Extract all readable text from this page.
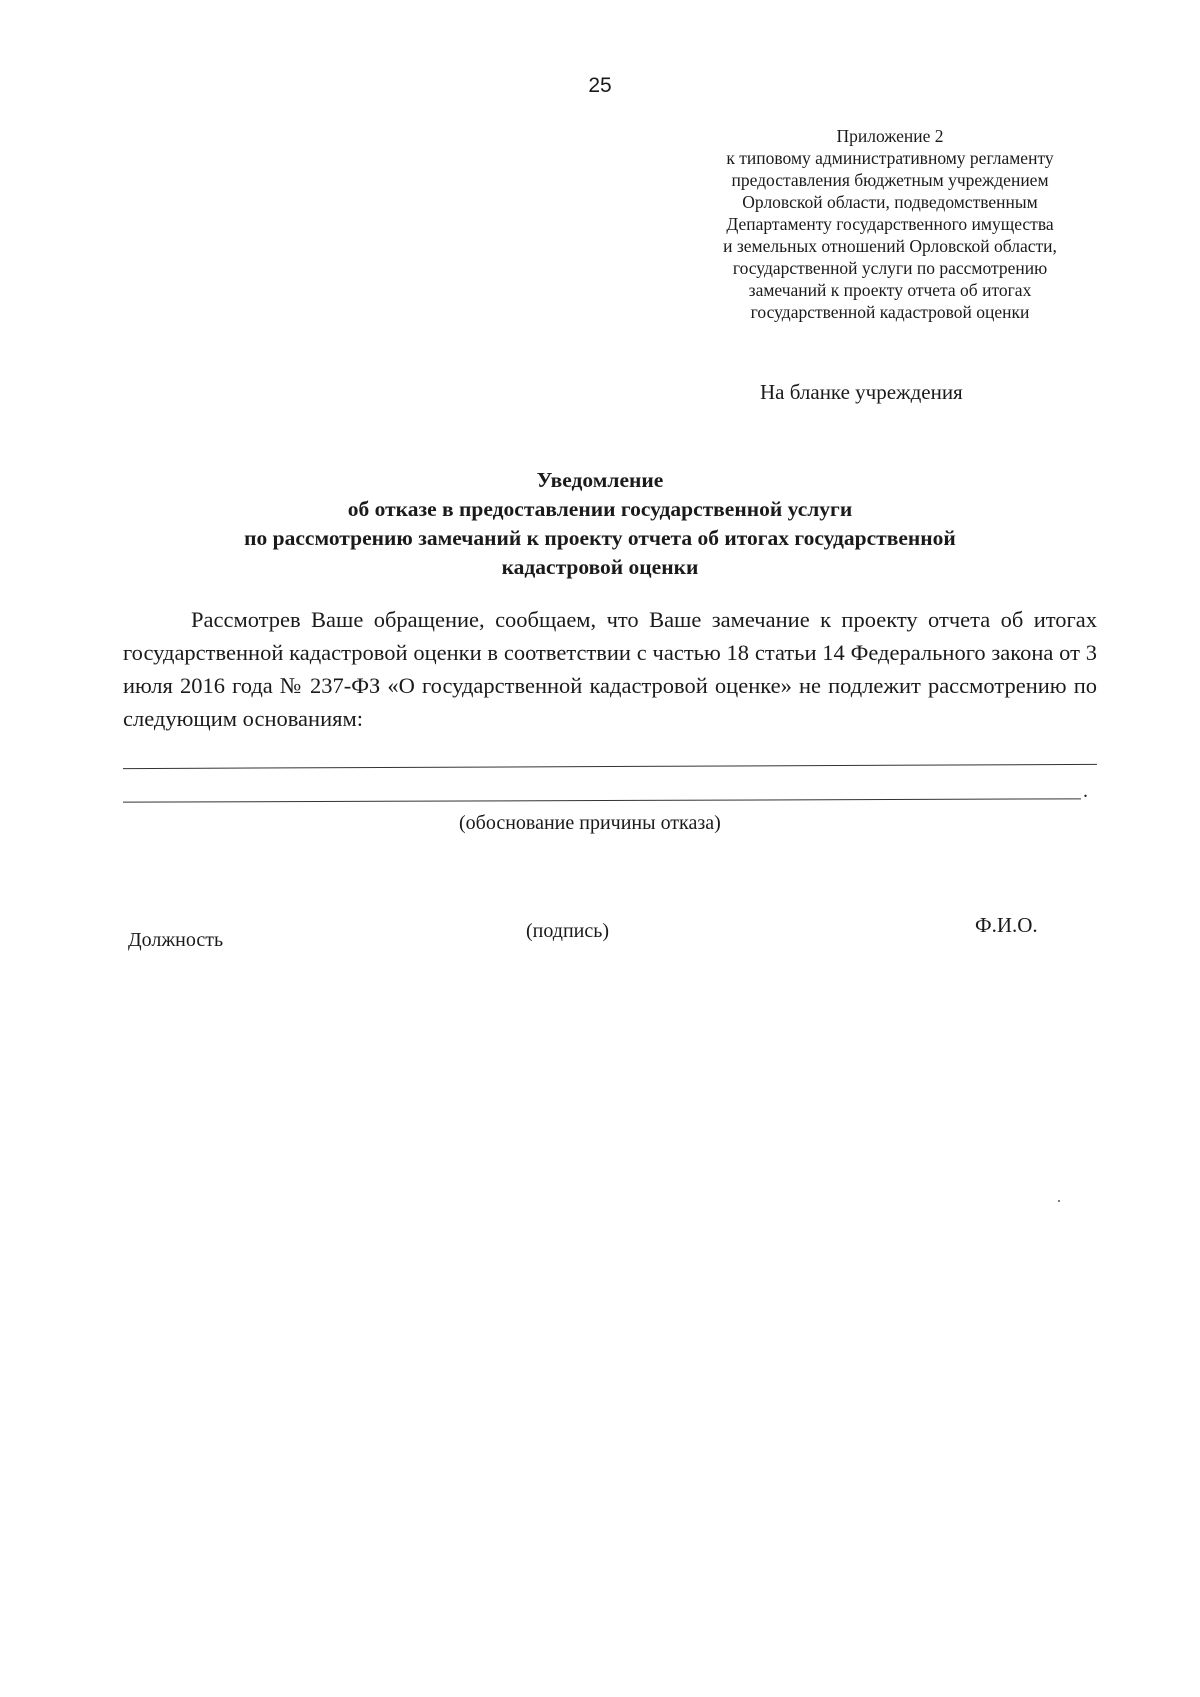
25
Приложение 2
к типовому административному регламенту
предоставления бюджетным учреждением
Орловской области, подведомственным
Департаменту государственного имущества
и земельных отношений Орловской области,
государственной услуги по рассмотрению
замечаний к проекту отчета об итогах
государственной кадастровой оценки
На бланке учреждения
Уведомление
об отказе в предоставлении государственной услуги
по рассмотрению замечаний к проекту отчета об итогах государственной
кадастровой оценки
Рассмотрев Ваше обращение, сообщаем, что Ваше замечание к проекту отчета об итогах государственной кадастровой оценки в соответствии с частью 18 статьи 14 Федерального закона от 3 июля 2016 года № 237-ФЗ «О государственной кадастровой оценке» не подлежит рассмотрению по следующим основаниям:
.
(обоснование причины отказа)
Должность	(подпись)	Ф.И.О.
